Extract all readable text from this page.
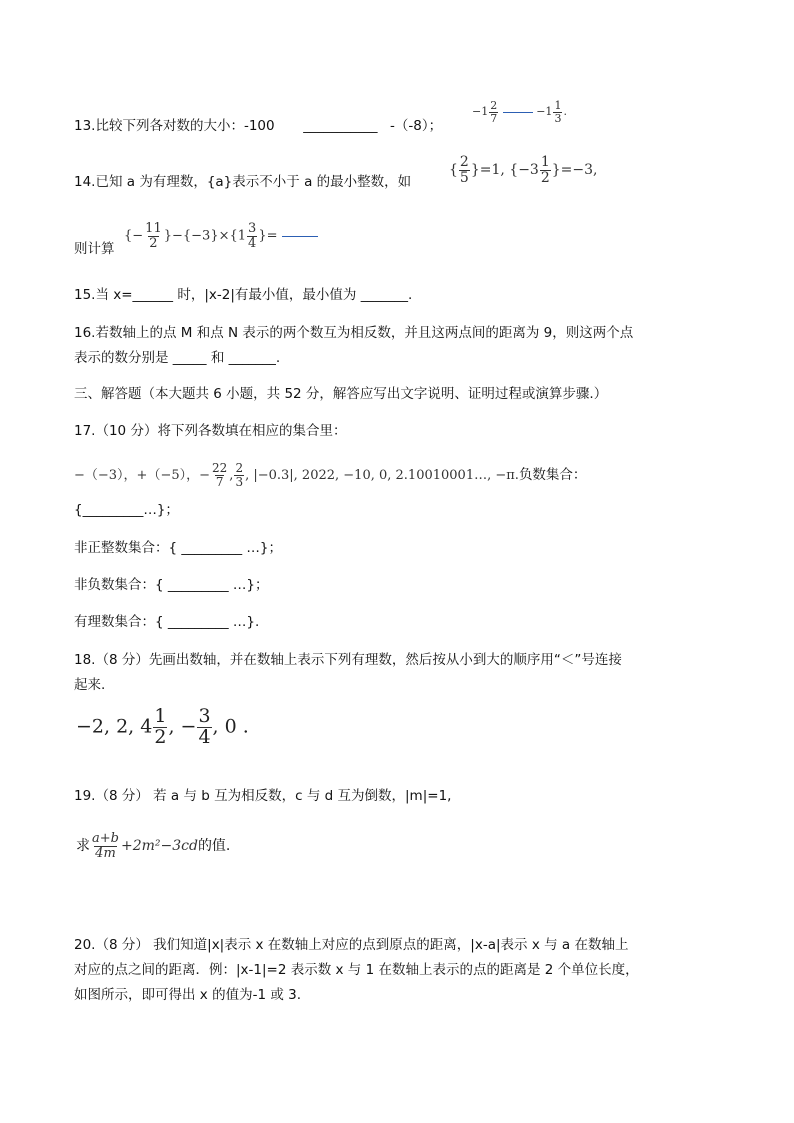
13.比较下列各对数的大小：-100 ___________ -（-8）；
$-1 \frac{2}{7}$	$-1 \frac{1}{3}$ .
14.已知 a 为有理数，{a}表示不小于 a 的最小整数，如
{ $\frac{2}{5} \}=1$, $\{-3 \frac{1}{2} \}=-3$,
则计算
{− $\frac{11}{2} \}-\{-3\}\times\{1 \frac{3}{4}$ }=
15.当 x=______ 时，|x-2|有最小值，最小值为 _______.
16.若数轴上的点 M 和点 N 表示的两个数互为相反数，并且这两点间的距离为 9，则这两个点
表示的数分别是 _____ 和 _______.
三、解答题（本大题共 6 小题，共 52 分，解答应写出文字说明、证明过程或演算步骤.）
17.（10 分）将下列各数填在相应的集合里：
−（−3），+（−5），− $\frac{22}{7}$ , $\frac{2}{3}$ , |−0.3|, 2022, −10, 0, 2.10010001…, −π.负数集合：
{_________…}；
非正整数集合：{ _________ …}；
非负数集合：{ _________ …}；
有理数集合：{ _________ …}.
18.（8 分）先画出数轴，并在数轴上表示下列有理数，然后按从小到大的顺序用“＜”号连接
起来.
−2, 2, $4 \frac{1}{2}$ , − $\frac{3}{4}$ , 0 .
19.（8 分） 若 a 与 b 互为相反数，c 与 d 互为倒数，|m|=1,
求 $\frac{a+b}{4m} +2m^2-3cd$的值.
20.（8 分） 我们知道|x|表示 x 在数轴上对应的点到原点的距离，|x-a|表示 x 与 a 在数轴上
对应的点之间的距离．例：|x-1|=2 表示数 x 与 1 在数轴上表示的点的距离是 2 个单位长度，
如图所示，即可得出 x 的值为-1 或 3.
